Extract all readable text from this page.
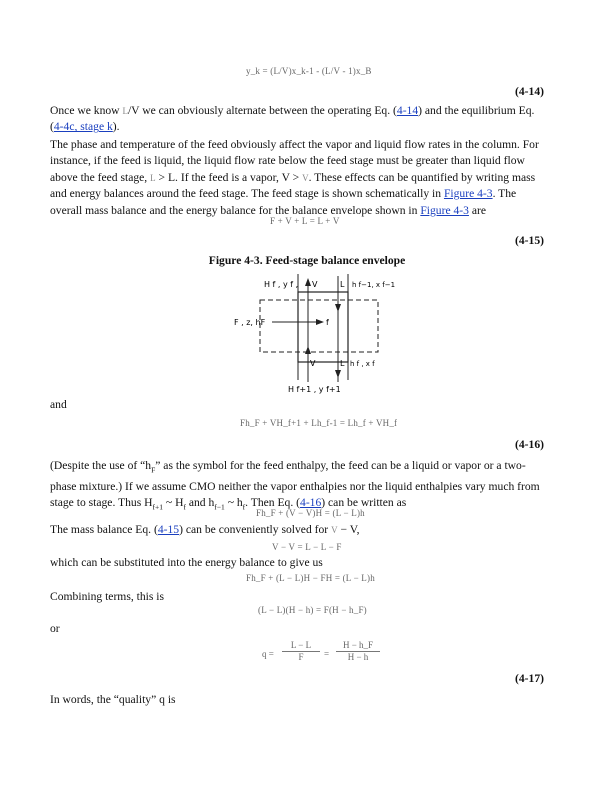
y_k = (L/V)x_k-1 - (L/V - 1)x_B
(4-14)
Once we know L/V we can obviously alternate between the operating Eq. (4-14) and the equilibrium Eq.
(4-4c, stage k).
The phase and temperature of the feed obviously affect the vapor and liquid flow rates in the column. For
instance, if the feed is liquid, the liquid flow rate below the feed stage must be greater than liquid flow
above the feed stage, L > L. If the feed is a vapor, V > V. These effects can be quantified by writing mass
and energy balances around the feed stage. The feed stage is shown schematically in Figure 4-3. The
overall mass balance and the energy balance for the balance envelope shown in Figure 4-3 are
F + V + L = L + V
(4-15)
Figure 4-3. Feed-stage balance envelope
H f , y f , V	L h f−1, x f−1
F , z, hF	f
V	L h f , x f
H f+1 , y f+1
and
Fh_F + VH_f+1 + Lh_f-1 = Lh_f + VH_f
(4-16)
(Despite the use of “$h_F$” as the symbol for the feed enthalpy, the feed can be a liquid or vapor or a two-
phase mixture.) If we assume CMO neither the vapor enthalpies nor the liquid enthalpies vary much from
stage to stage. Thus $H_{f+1}$ ~ $H_f$ and $h_{f-1}$ ~ $h_f$. Then Eq. (4-16) can be written as
Fh_F + (V − V)H = (L − L)h
The mass balance Eq. (4-15) can be conveniently solved for V − V,
V − V = L − L − F
which can be substituted into the energy balance to give us
Fh_F + (L − L)H − FH = (L − L)h
Combining terms, this is
(L − L)(H − h) = F(H − h_F)
or
q =
L − L
F	=
H − h_F
H − h
(4-17)
In words, the “quality” q is
